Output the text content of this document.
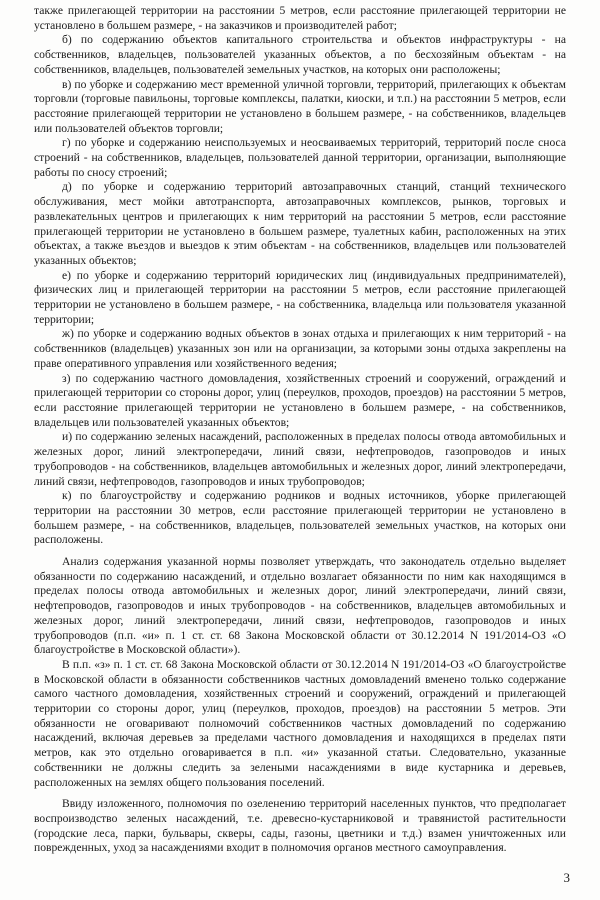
также прилегающей территории на расстоянии 5 метров, если расстояние прилегающей территории не установлено в большем размере, - на заказчиков и производителей работ;

б) по содержанию объектов капитального строительства и объектов инфраструктуры - на собственников, владельцев, пользователей указанных объектов, а по бесхозяйным объектам - на собственников, владельцев, пользователей земельных участков, на которых они расположены;

в) по уборке и содержанию мест временной уличной торговли, территорий, прилегающих к объектам торговли (торговые павильоны, торговые комплексы, палатки, киоски, и т.п.) на расстоянии 5 метров, если расстояние прилегающей территории не установлено в большем размере, - на собственников, владельцев или пользователей объектов торговли;

г) по уборке и содержанию неиспользуемых и неосваиваемых территорий, территорий после сноса строений - на собственников, владельцев, пользователей данной территории, организации, выполняющие работы по сносу строений;

д) по уборке и содержанию территорий автозаправочных станций, станций технического обслуживания, мест мойки автотранспорта, автозаправочных комплексов, рынков, торговых и развлекательных центров и прилегающих к ним территорий на расстоянии 5 метров, если расстояние прилегающей территории не установлено в большем размере, туалетных кабин, расположенных на этих объектах, а также въездов и выездов к этим объектам - на собственников, владельцев или пользователей указанных объектов;

е) по уборке и содержанию территорий юридических лиц (индивидуальных предпринимателей), физических лиц и прилегающей территории на расстоянии 5 метров, если расстояние прилегающей территории не установлено в большем размере, - на собственника, владельца или пользователя указанной территории;

ж) по уборке и содержанию водных объектов в зонах отдыха и прилегающих к ним территорий - на собственников (владельцев) указанных зон или на организации, за которыми зоны отдыха закреплены на праве оперативного управления или хозяйственного ведения;

з) по содержанию частного домовладения, хозяйственных строений и сооружений, ограждений и прилегающей территории со стороны дорог, улиц (переулков, проходов, проездов) на расстоянии 5 метров, если расстояние прилегающей территории не установлено в большем размере, - на собственников, владельцев или пользователей указанных объектов;

и) по содержанию зеленых насаждений, расположенных в пределах полосы отвода автомобильных и железных дорог, линий электропередачи, линий связи, нефтепроводов, газопроводов и иных трубопроводов - на собственников, владельцев автомобильных и железных дорог, линий электропередачи, линий связи, нефтепроводов, газопроводов и иных трубопроводов;

к) по благоустройству и содержанию родников и водных источников, уборке прилегающей территории на расстоянии 30 метров, если расстояние прилегающей территории не установлено в большем размере, - на собственников, владельцев, пользователей земельных участков, на которых они расположены.

Анализ содержания указанной нормы позволяет утверждать, что законодатель отдельно выделяет обязанности по содержанию насаждений, и отдельно возлагает обязанности по ним как находящимся в пределах полосы отвода автомобильных и железных дорог, линий электропередачи, линий связи, нефтепроводов, газопроводов и иных трубопроводов - на собственников, владельцев автомобильных и железных дорог, линий электропередачи, линий связи, нефтепроводов, газопроводов и иных трубопроводов (п.п. «и» п. 1 ст. ст. 68 Закона Московской области от 30.12.2014 N 191/2014-ОЗ «О благоустройстве в Московской области»).

В п.п. «з» п. 1 ст. ст. 68 Закона Московской области от 30.12.2014 N 191/2014-ОЗ «О благоустройстве в Московской области в обязанности собственников частных домовладений вменено только содержание самого частного домовладения, хозяйственных строений и сооружений, ограждений и прилегающей территории со стороны дорог, улиц (переулков, проходов, проездов) на расстоянии 5 метров. Эти обязанности не оговаривают полномочий собственников частных домовладений по содержанию насаждений, включая деревьев за пределами частного домовладения и находящихся в пределах пяти метров, как это отдельно оговаривается в п.п. «и» указанной статьи. Следовательно, указанные собственники не должны следить за зелеными насаждениями в виде кустарника и деревьев, расположенных на землях общего пользования поселений.

Ввиду изложенного, полномочия по озеленению территорий населенных пунктов, что предполагает воспроизводство зеленых насаждений, т.е. древесно-кустарниковой и травянистой растительности (городские леса, парки, бульвары, скверы, сады, газоны, цветники и т.д.) взамен уничтоженных или поврежденных, уход за насаждениями входит в полномочия органов местного самоуправления.

3
